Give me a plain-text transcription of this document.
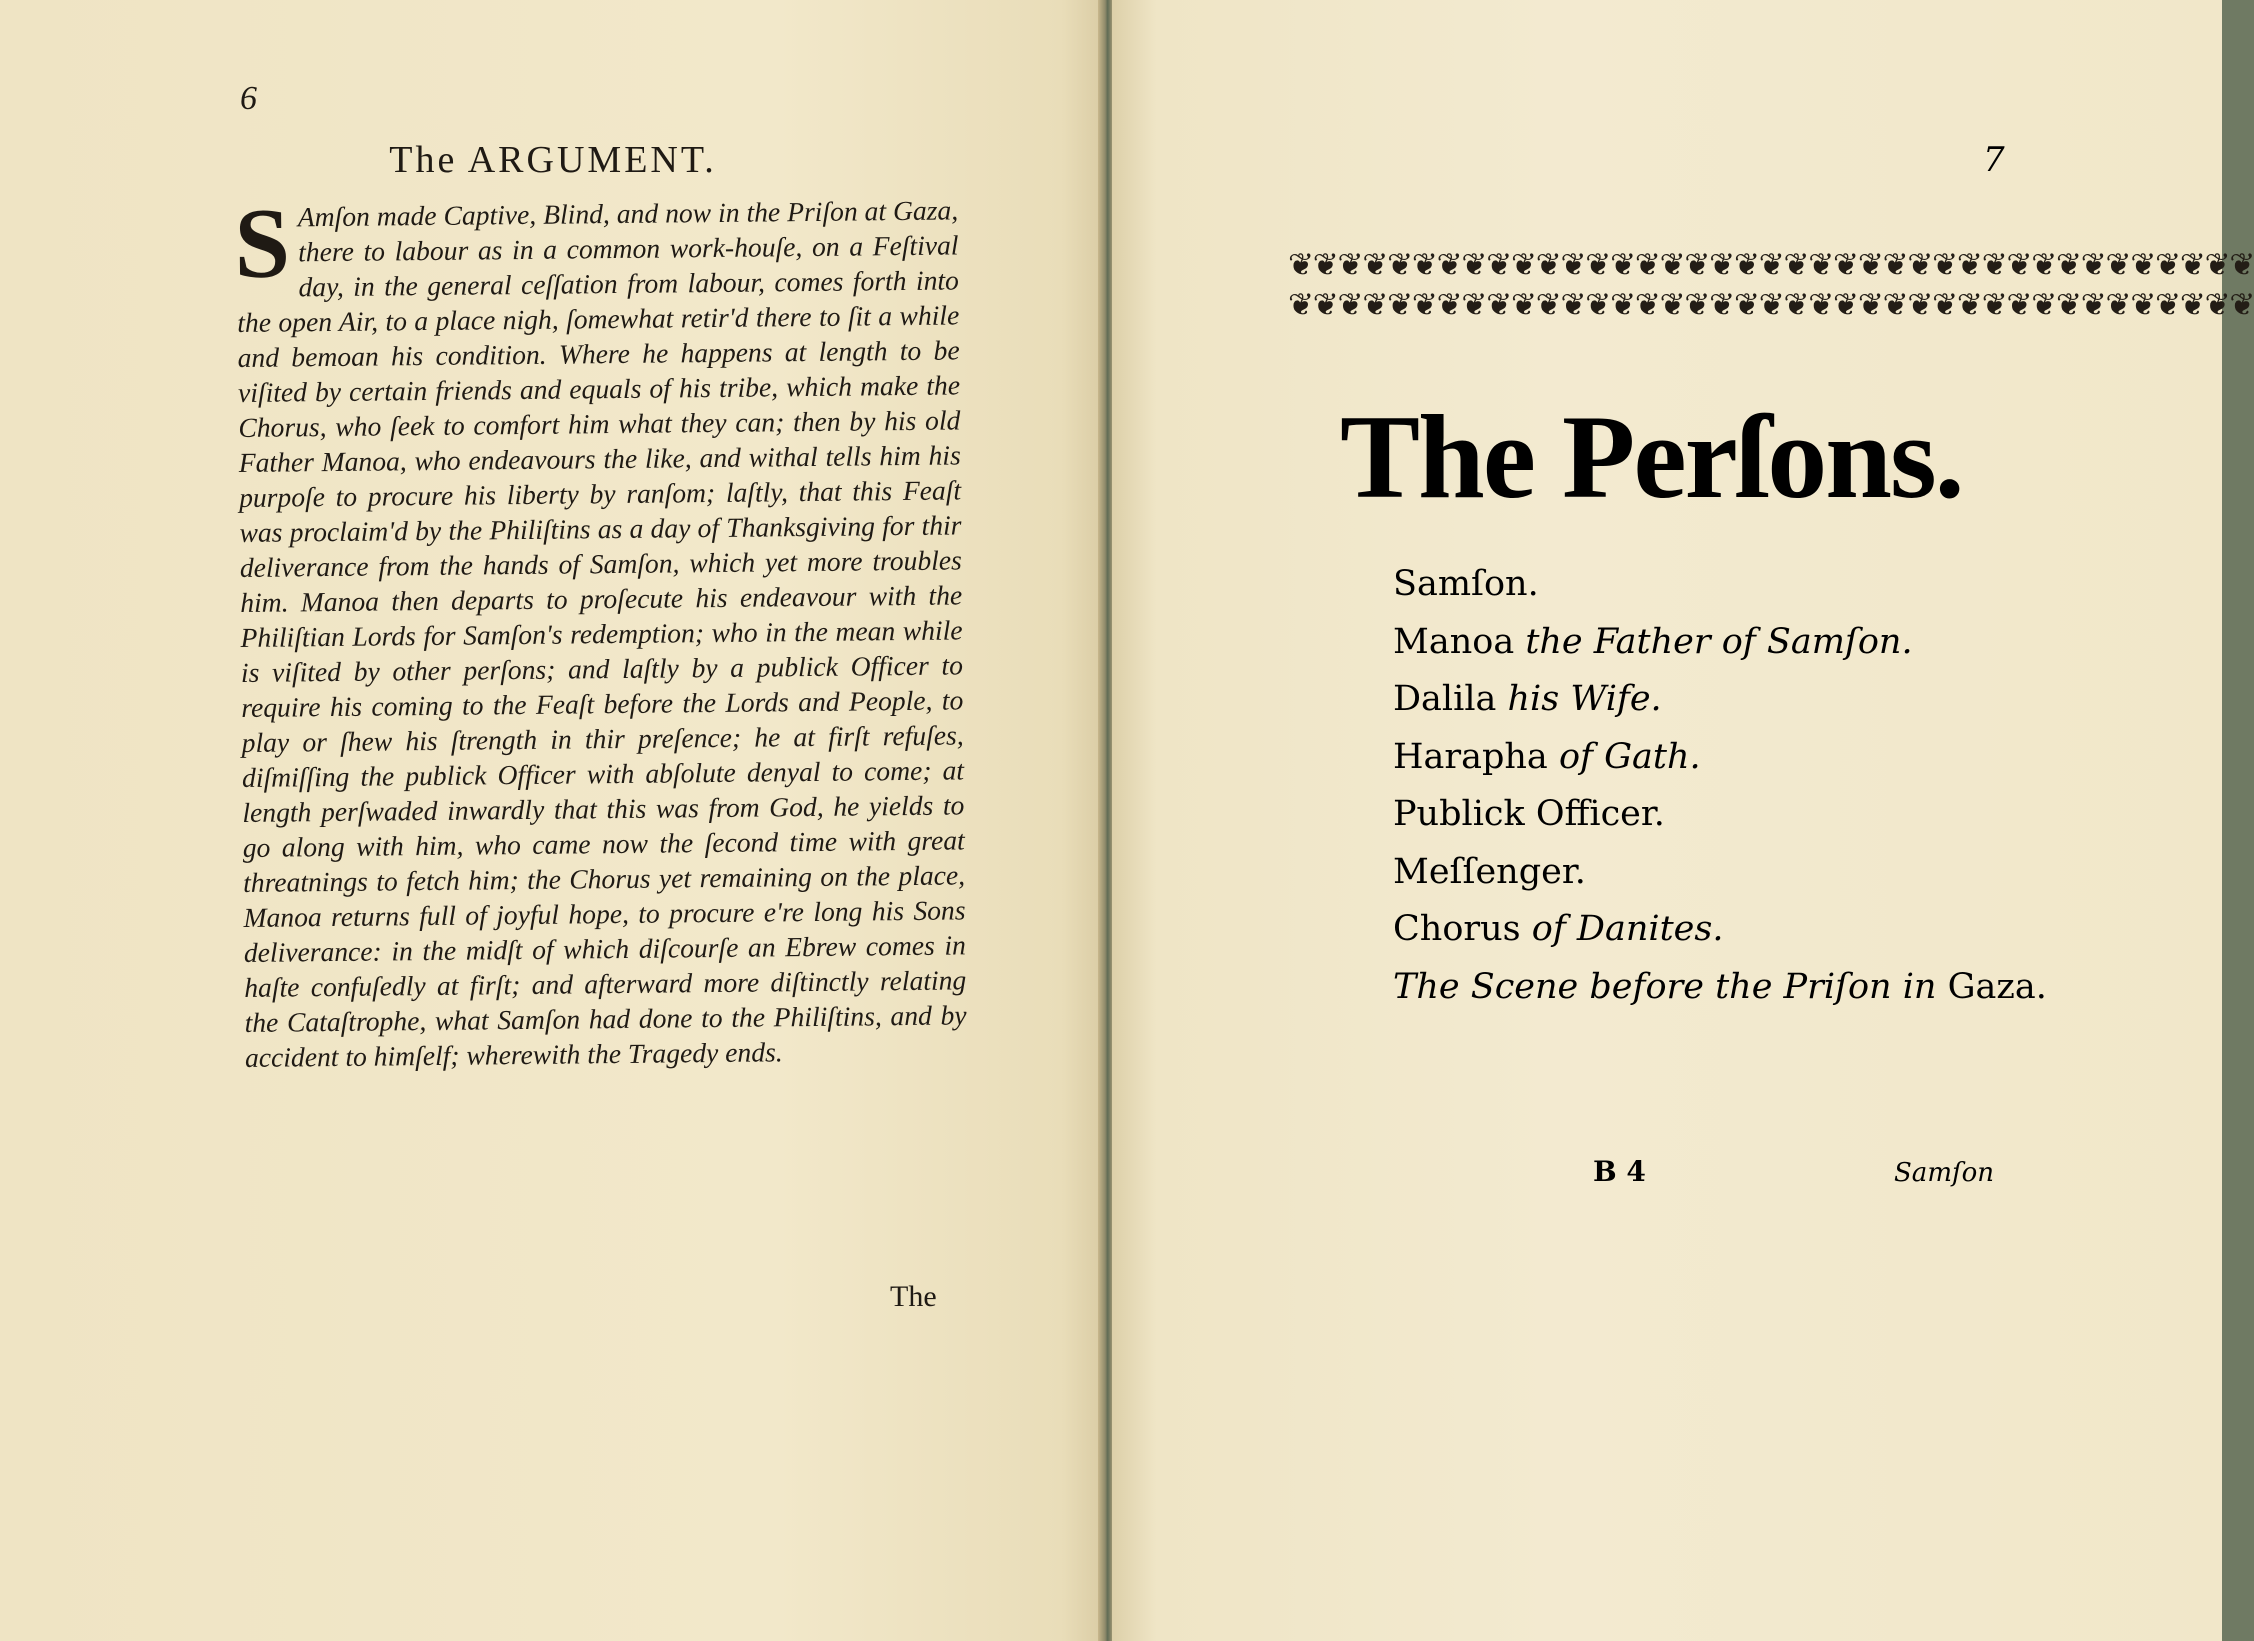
6
The ARGUMENT.
S Amſon made Captive, Blind, and now in the Priſon at Gaza, there to labour as in a common work-houſe, on a Feſtival day, in the general ceſſation from labour, comes forth into the open Air, to a place nigh, ſomewhat retir'd there to ſit a while and bemoan his condition. Where he happens at length to be viſited by certain friends and equals of his tribe, which make the Chorus, who ſeek to comfort him what they can; then by his old Father Manoa, who endeavours the like, and withal tells him his purpoſe to procure his liberty by ranſom; laſtly, that this Feaſt was proclaim'd by the Philiſtins as a day of Thanksgiving for thir deliverance from the hands of Samſon, which yet more troubles him. Manoa then departs to proſecute his endeavour with the Philiſtian Lords for Samſon's redemption; who in the mean while is viſited by other perſons; and laſtly by a publick Officer to require his coming to the Feaſt before the Lords and People, to play or ſhew his ſtrength in thir preſence; he at firſt refuſes, diſmiſſing the publick Officer with abſolute denyal to come; at length perſwaded inwardly that this was from God, he yields to go along with him, who came now the ſecond time with great threatnings to fetch him; the Chorus yet remaining on the place, Manoa returns full of joyful hope, to procure e're long his Sons deliverance: in the midſt of which diſcourſe an Ebrew comes in haſte confuſedly at firſt; and afterward more diſtinctly relating the Cataſtrophe, what Samſon had done to the Philiſtins, and by accident to himſelf; wherewith the Tragedy ends.
The
7
❦❦❦❦❦❦❦❦❦❦❦❦❦❦❦❦❦❦❦❦❦❦❦❦❦❦❦❦❦❦❦❦❦❦❦❦❦❦❦
❦❦❦❦❦❦❦❦❦❦❦❦❦❦❦❦❦❦❦❦❦❦❦❦❦❦❦❦❦❦❦❦❦❦❦❦❦❦❦
The Perſons.
Samſon.
Manoa the Father of Samſon.
Dalila his Wife.
Harapha of Gath.
Publick Officer.
Meſſenger.
Chorus of Danites.
The Scene before the Priſon in Gaza.
B 4	Samſon
